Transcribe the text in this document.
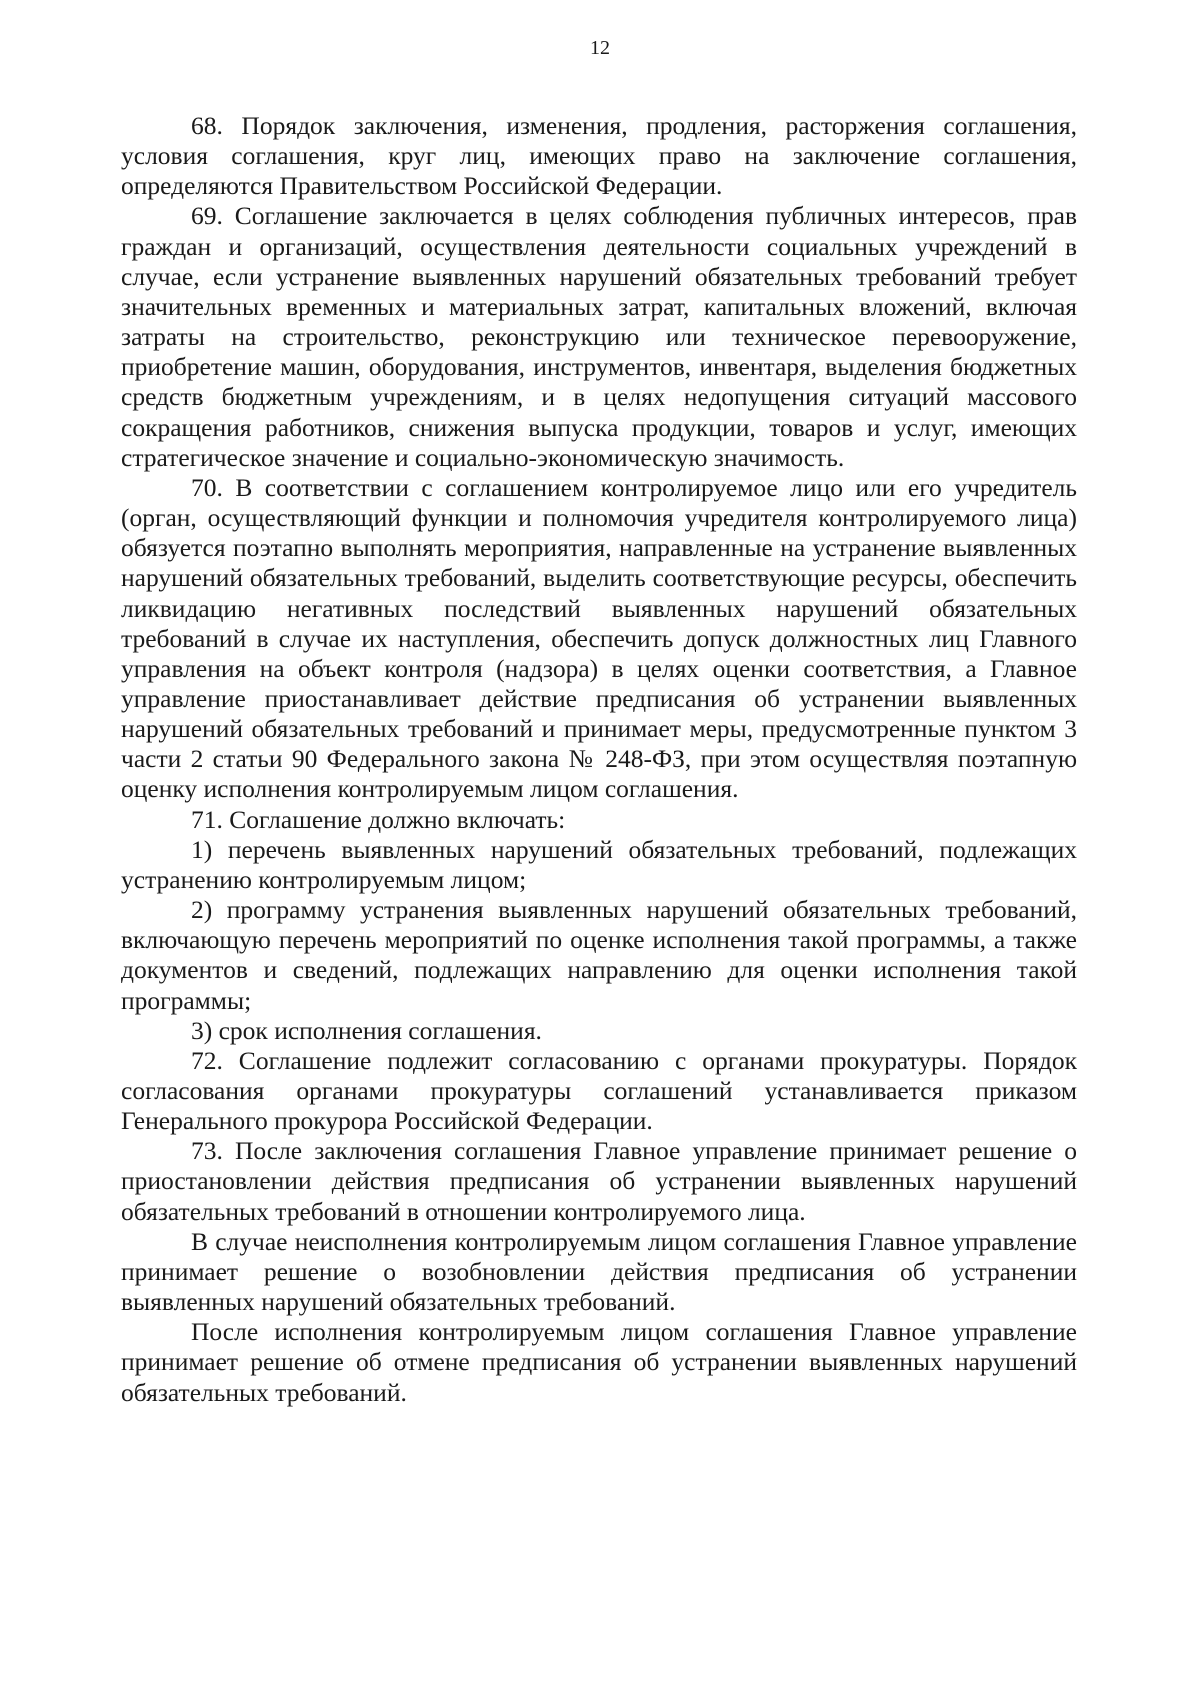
12

68. Порядок заключения, изменения, продления, расторжения соглашения, условия соглашения, круг лиц, имеющих право на заключение соглашения, определяются Правительством Российской Федерации.

69. Соглашение заключается в целях соблюдения публичных интересов, прав граждан и организаций, осуществления деятельности социальных учреждений в случае, если устранение выявленных нарушений обязательных требований требует значительных временных и материальных затрат, капитальных вложений, включая затраты на строительство, реконструкцию или техническое перевооружение, приобретение машин, оборудования, инструментов, инвентаря, выделения бюджетных средств бюджетным учреждениям, и в целях недопущения ситуаций массового сокращения работников, снижения выпуска продукции, товаров и услуг, имеющих стратегическое значение и социально-экономическую значимость.

70. В соответствии с соглашением контролируемое лицо или его учредитель (орган, осуществляющий функции и полномочия учредителя контролируемого лица) обязуется поэтапно выполнять мероприятия, направленные на устранение выявленных нарушений обязательных требований, выделить соответствующие ресурсы, обеспечить ликвидацию негативных последствий выявленных нарушений обязательных требований в случае их наступления, обеспечить допуск должностных лиц Главного управления на объект контроля (надзора) в целях оценки соответствия, а Главное управление приостанавливает действие предписания об устранении выявленных нарушений обязательных требований и принимает меры, предусмотренные пунктом 3 части 2 статьи 90 Федерального закона № 248-ФЗ, при этом осуществляя поэтапную оценку исполнения контролируемым лицом соглашения.

71. Соглашение должно включать:

1) перечень выявленных нарушений обязательных требований, подлежащих устранению контролируемым лицом;

2) программу устранения выявленных нарушений обязательных требований, включающую перечень мероприятий по оценке исполнения такой программы, а также документов и сведений, подлежащих направлению для оценки исполнения такой программы;

3) срок исполнения соглашения.

72. Соглашение подлежит согласованию с органами прокуратуры. Порядок согласования органами прокуратуры соглашений устанавливается приказом Генерального прокурора Российской Федерации.

73. После заключения соглашения Главное управление принимает решение о приостановлении действия предписания об устранении выявленных нарушений обязательных требований в отношении контролируемого лица.

В случае неисполнения контролируемым лицом соглашения Главное управление принимает решение о возобновлении действия предписания об устранении выявленных нарушений обязательных требований.

После исполнения контролируемым лицом соглашения Главное управление принимает решение об отмене предписания об устранении выявленных нарушений обязательных требований.
